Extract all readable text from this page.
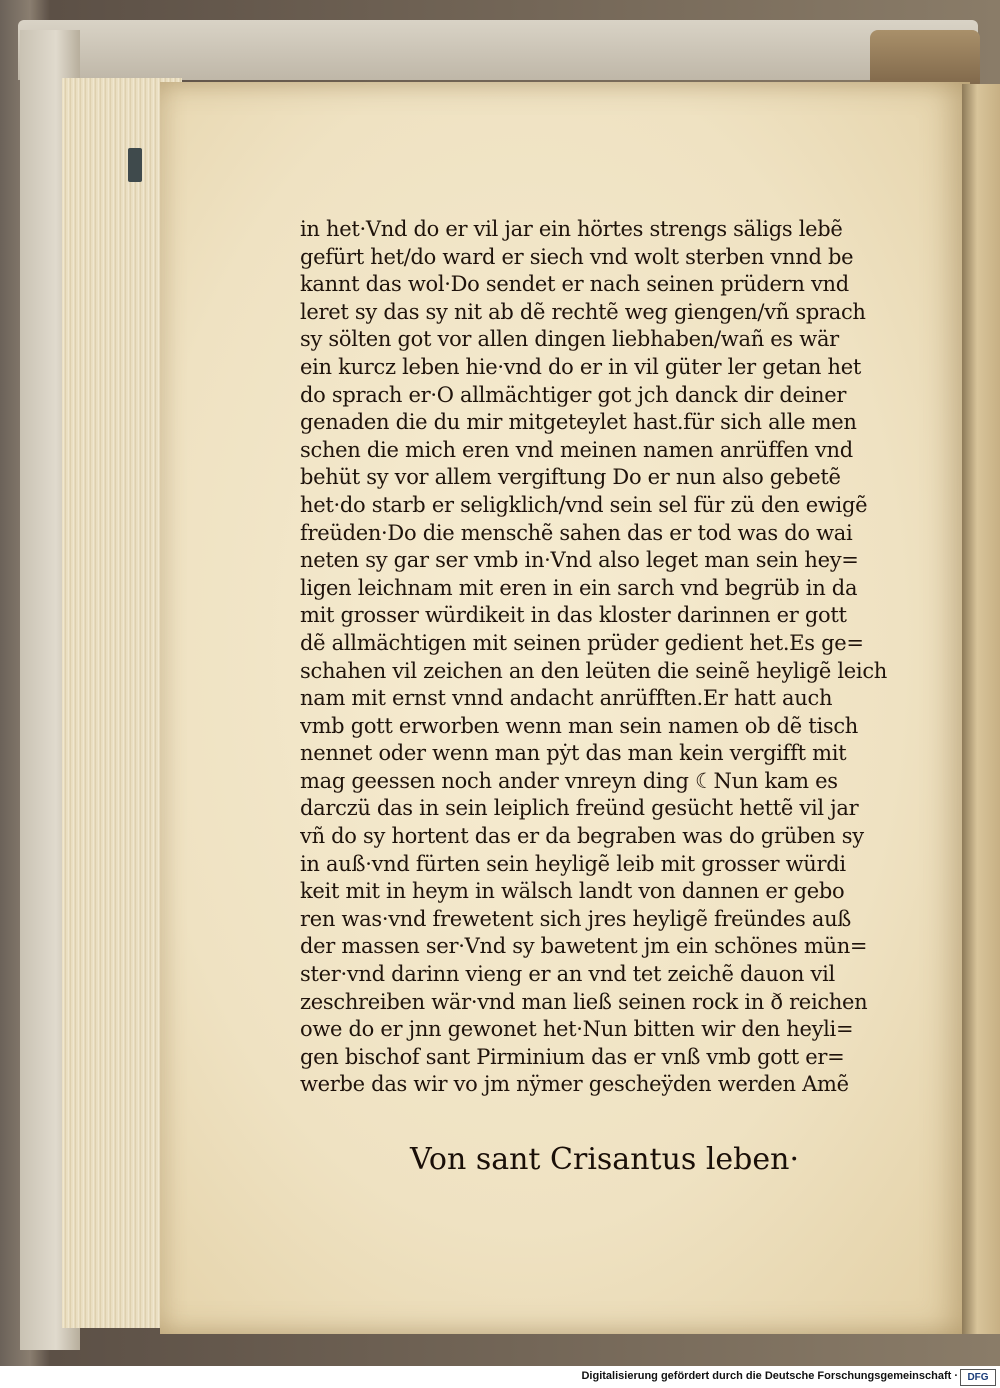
in het·Vnd do er vil jar ein hörtes strengs säligs lebẽ
gefürt het/do ward er siech vnd wolt sterben vnnd be
kannt das wol·Do sendet er nach seinen prüdern vnd
leret sy das sy nit ab dẽ rechtẽ weg giengen/vñ sprach
sy sölten got vor allen dingen liebhaben/wañ es wär
ein kurcz leben hie·vnd do er in vil güter ler getan het
do sprach er·O allmächtiger got jch danck dir deiner
genaden die du mir mitgeteylet hast.für sich alle men
schen die mich eren vnd meinen namen anrüffen vnd
behüt sy vor allem vergiftung Do er nun also gebetẽ
het·do starb er seligklich/vnd sein sel für zü den ewigẽ
freüden·Do die menschẽ sahen das er tod was do wai
neten sy gar ser vmb in·Vnd also leget man sein hey=
ligen leichnam mit eren in ein sarch vnd begrüb in da
mit grosser würdikeit in das kloster darinnen er gott
dẽ allmächtigen mit seinen prüder gedient het.Es ge=
schahen vil zeichen an den leüten die seinẽ heyligẽ leich
nam mit ernst vnnd andacht anrüfften.Er hatt auch
vmb gott erworben wenn man sein namen ob dẽ tisch
nennet oder wenn man pẏt das man kein vergifft mit
mag geessen noch ander vnreyn ding ☾Nun kam es
darczü das in sein leiplich freünd gesücht hettẽ vil jar
vñ do sy hortent das er da begraben was do grüben sy
in auß·vnd fürten sein heyligẽ leib mit grosser würdi
keit mit in heym in wälsch landt von dannen er gebo
ren was·vnd frewetent sich jres heyligẽ freündes auß
der massen ser·Vnd sy bawetent jm ein schönes mün=
ster·vnd darinn vieng er an vnd tet zeichẽ dauon vil
zeschreiben wär·vnd man ließ seinen rock in ð reichen
owe do er jnn gewonet het·Nun bitten wir den heyli=
gen bischof sant Pirminium das er vnß vmb gott er=
werbe das wir vo jm nÿmer gescheÿden werden Amẽ
Von sant Crisantus leben·
Digitalisierung gefördert durch die Deutsche Forschungsgemeinschaft · DFG
